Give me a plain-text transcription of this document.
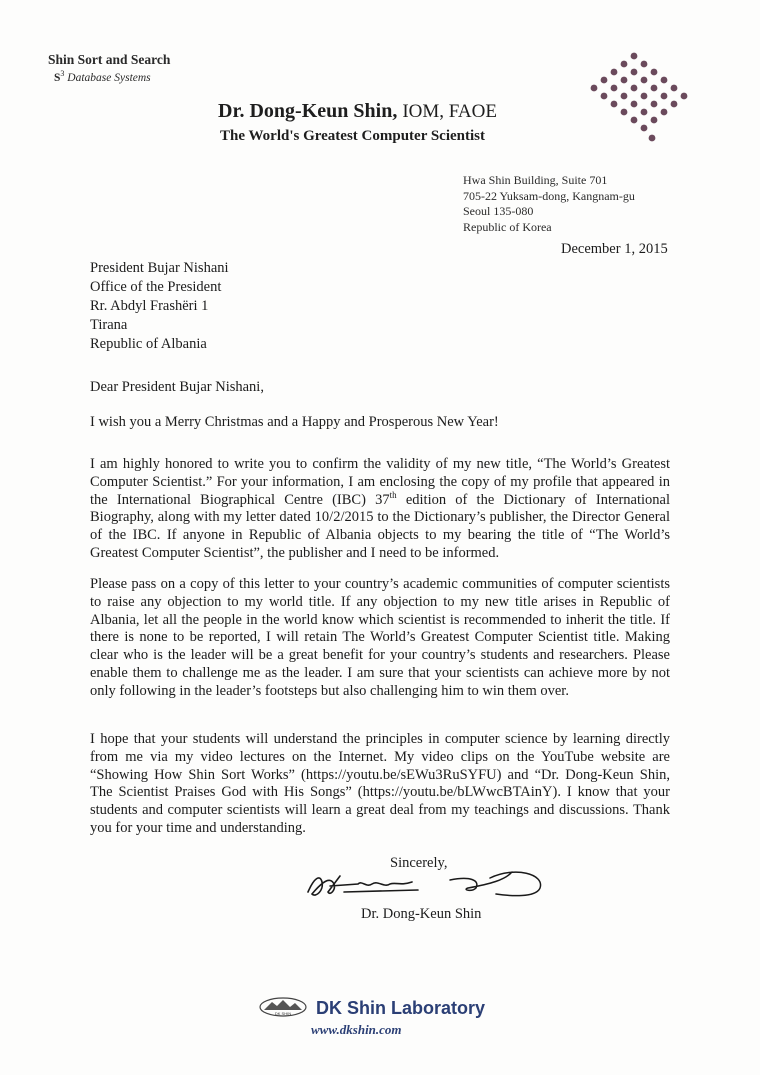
Shin Sort and Search
$S^3$ Database Systems
Dr. Dong-Keun Shin, IOM, FAOE
The World's Greatest Computer Scientist
Hwa Shin Building, Suite 701
705-22 Yuksam-dong, Kangnam-gu
Seoul 135-080
Republic of Korea
December 1, 2015
President Bujar Nishani
Office of the President
Rr. Abdyl Frashëri 1
Tirana
Republic of Albania

Dear President Bujar Nishani,

I wish you a Merry Christmas and a Happy and Prosperous New Year!

I am highly honored to write you to confirm the validity of my new title, “The World’s Greatest Computer Scientist.” For your information, I am enclosing the copy of my profile that appeared in the International Biographical Centre (IBC) 37th edition of the Dictionary of International Biography, along with my letter dated 10/2/2015 to the Dictionary’s publisher, the Director General of the IBC. If anyone in Republic of Albania objects to my bearing the title of “The World’s Greatest Computer Scientist”, the publisher and I need to be informed.

Please pass on a copy of this letter to your country’s academic communities of computer scientists to raise any objection to my world title. If any objection to my new title arises in Republic of Albania, let all the people in the world know which scientist is recommended to inherit the title. If there is none to be reported, I will retain The World’s Greatest Computer Scientist title. Making clear who is the leader will be a great benefit for your country’s students and researchers. Please enable them to challenge me as the leader. I am sure that your scientists can achieve more by not only following in the leader’s footsteps but also challenging him to win them over.

I hope that your students will understand the principles in computer science by learning directly from me via my video lectures on the Internet. My video clips on the YouTube website are “Showing How Shin Sort Works” (https://youtu.be/sEWu3RuSYFU) and “Dr. Dong-Keun Shin, The Scientist Praises God with His Songs” (https://youtu.be/bLWwcBTAinY). I know that your students and computer scientists will learn a great deal from my teachings and discussions. Thank you for your time and understanding.

Sincerely,
Dr. Dong-Keun Shin
DK SHIN DK Shin Laboratory
www.dkshin.com
